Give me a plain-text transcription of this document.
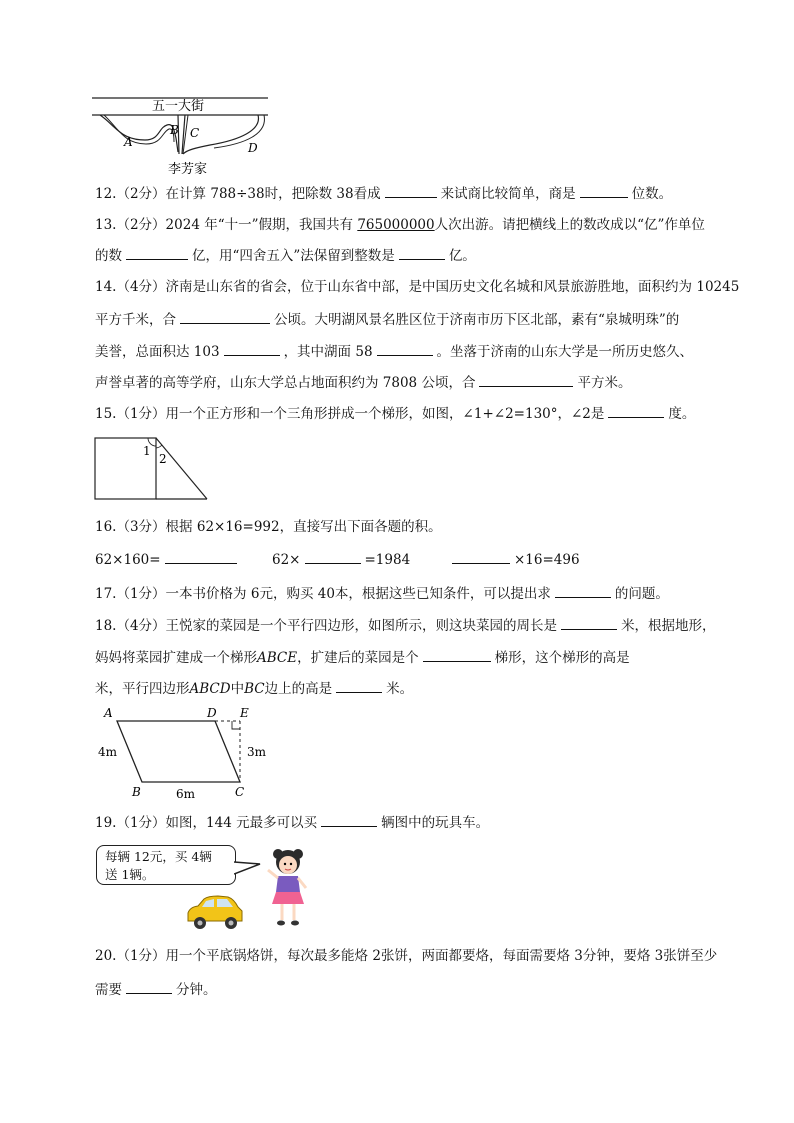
五一大街
A
B C
D
李芳家
12.（2分）在计算 788÷38时，把除数 38看成	来试商比较简单，商是	位数。
13.（2分）2024 年“十一”假期，我国共有 765000000人次出游。请把横线上的数改成以“亿”作单位
的数	亿，用“四舍五入”法保留到整数是	亿。
14.（4分）济南是山东省的省会，位于山东省中部，是中国历史文化名城和风景旅游胜地，面积约为 10245
平方千米，合	公顷。大明湖风景名胜区位于济南市历下区北部，素有“泉城明珠”的
美誉，总面积达 103	，其中湖面 58	。坐落于济南的山东大学是一所历史悠久、
声誉卓著的高等学府，山东大学总占地面积约为 7808 公顷，合	平方米。
15.（1分）用一个正方形和一个三角形拼成一个梯形，如图，∠1+∠2=130°，∠2是	度。
1
2
16.（3分）根据 62×16=992，直接写出下面各题的积。
62×160=	62×	=1984	×16=496
17.（1分）一本书价格为 6元，购买 40本，根据这些已知条件，可以提出求	的问题。
18.（4分）王悦家的菜园是一个平行四边形，如图所示，则这块菜园的周长是	米，根据地形，
妈妈将菜园扩建成一个梯形ABCE，扩建后的菜园是个	梯形，这个梯形的高是
米，平行四边形ABCD中BC边上的高是	米。
A	D E
B	C
4m
6m
3m
19.（1分）如图，144 元最多可以买	辆图中的玩具车。
每辆 12元，买 4辆
送 1辆。
20.（1分）用一个平底锅烙饼，每次最多能烙 2张饼，两面都要烙，每面需要烙 3分钟，要烙 3张饼至少
需要	分钟。
